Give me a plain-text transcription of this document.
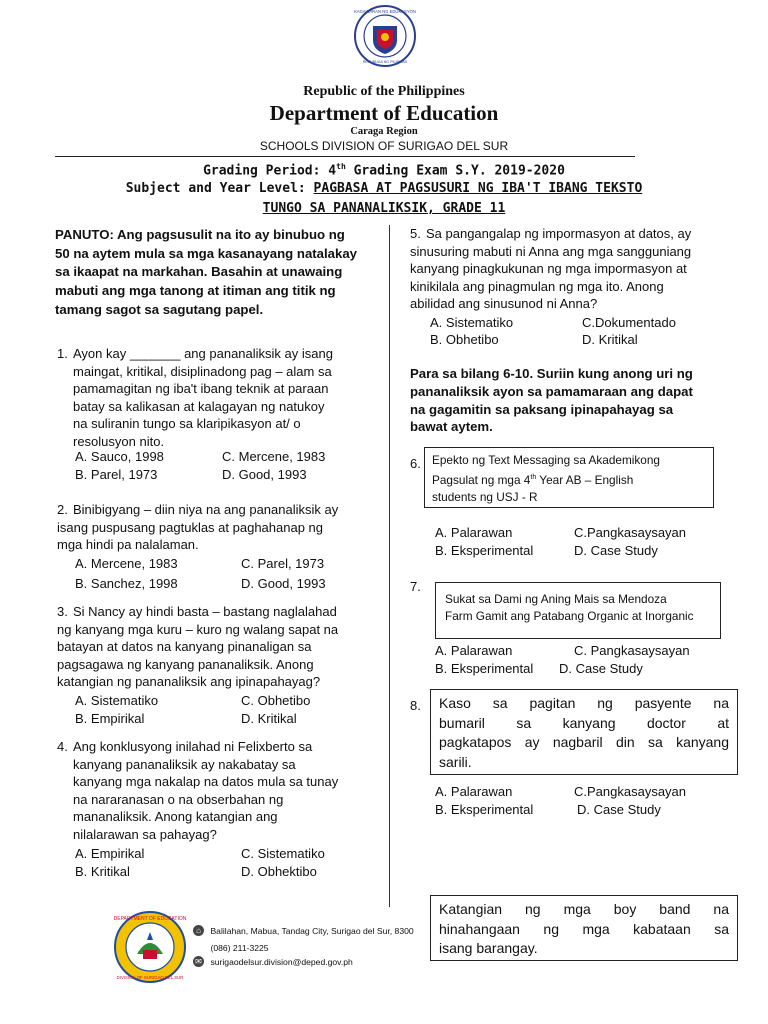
KAGAWARAN NG EDUKASYON
REPUBLIKA NG PILIPINAS
Republic of the Philippines
Department of Education
Caraga Region
SCHOOLS DIVISION OF SURIGAO DEL SUR
Grading Period: 4th Grading Exam S.Y. 2019-2020
Subject and Year Level: PAGBASA AT PAGSUSURI NG IBA'T IBANG TEKSTO
TUNGO SA PANANALIKSIK, GRADE 11
PANUTO: Ang pagsusulit na ito ay binubuo ng 50 na aytem mula sa mga kasanayang natalakay sa ikaapat na markahan. Basahin at unawaing mabuti ang mga tanong at itiman ang titik ng tamang sagot sa sagutang papel.
1. Ayon kay _______ ang pananaliksik ay isang
maingat, kritikal, disiplinadong pag – alam sa
pamamagitan ng iba't ibang teknik at paraan
batay sa kalikasan at kalagayan ng natukoy
na suliranin tungo sa klaripikasyon at/ o
resolusyon nito.
A. Sauco, 1998	C. Mercene, 1983
B. Parel, 1973	D. Good, 1993
2. Binibigyang – diin niya na ang pananaliksik ay
isang puspusang pagtuklas at paghahanap ng
mga hindi pa nalalaman.
A. Mercene, 1983	C. Parel, 1973
B. Sanchez, 1998	D. Good, 1993
3. Si Nancy ay hindi basta – bastang naglalahad
ng kanyang mga kuru – kuro ng walang sapat na
batayan at datos na kanyang pinanaligan sa
pagsagawa ng kanyang pananaliksik. Anong
katangian ng pananaliksik ang ipinapahayag?
A. Sistematiko	C. Obhetibo
B. Empirikal	D. Kritikal
4. Ang konklusyong inilahad ni Felixberto sa
kanyang pananaliksik ay nakabatay sa
kanyang mga nakalap na datos mula sa tunay
na nararanasan o na obserbahan ng
mananaliksik. Anong katangian ang
nilalarawan sa pahayag?
A. Empirikal	C. Sistematiko
B. Kritikal	D. Obhektibo
5. Sa pangangalap ng impormasyon at datos, ay
sinusuring mabuti ni Anna ang mga sangguniang
kanyang pinagkukunan ng mga impormasyon at
kinikilala ang pinagmulan ng mga ito. Anong
abilidad ang sinusunod ni Anna?
A. Sistematiko	C.Dokumentado
B. Obhetibo	D. Kritikal
Para sa bilang 6-10. Suriin kung anong uri ng
pananaliksik ayon sa pamamaraan ang dapat
na gagamitin sa paksang ipinapahayag sa
bawat aytem.
6. Epekto ng Text Messaging sa Akademikong
Pagsulat ng mga 4th Year AB – English
students ng USJ - R
A. Palarawan	C.Pangkasaysayan
B. Eksperimental	D. Case Study
7.
Sukat sa Dami ng Aning Mais sa Mendoza
Farm Gamit ang Patabang Organic at Inorganic
A. Palarawan	C. Pangkasaysayan
B. Eksperimental D. Case Study
8. Kaso sa pagitan ng pasyente na
bumaril sa kanyang doctor at
pagkatapos ay nagbaril din sa kanyang
sarili.
A. Palarawan	C.Pangkasaysayan
B. Eksperimental	D. Case Study
Katangian ng mga boy band na
hinahangaan ng mga kabataan sa
isang barangay.
DEPARTMENT OF EDUCATION
DIVISION OF SURIGAO DEL SUR
⌂ Balilahan, Mabua, Tandag City, Surigao del Sur, 8300
(086) 211-3225
✉ surigaodelsur.division@deped.gov.ph
